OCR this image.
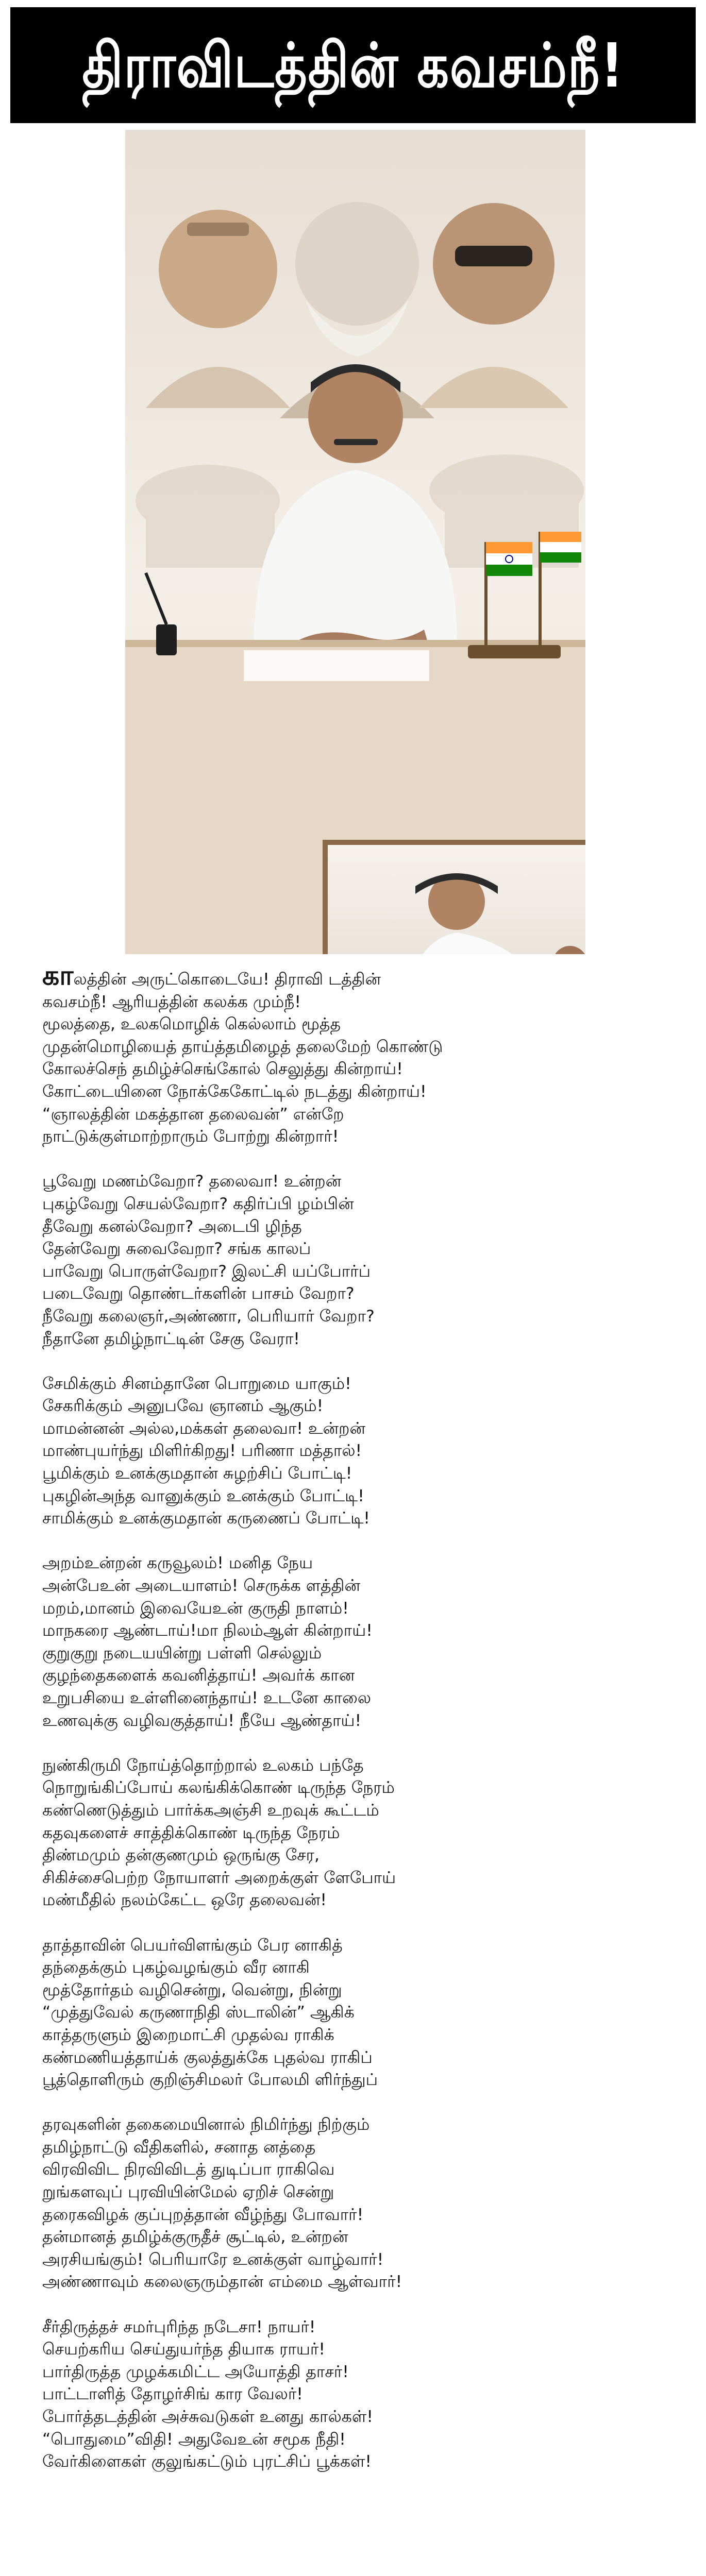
திராவிடத்தின் கவசம்நீ!
காலத்தின் அருட்கொடையே! திராவி டத்தின்
கவசம்நீ! ஆரியத்தின் கலக்க மும்நீ!
மூலத்தை, உலகமொழிக் கெல்லாம் மூத்த
முதன்மொழியைத் தாய்த்தமிழைத் தலைமேற் கொண்டு
கோலச்செந் தமிழ்ச்செங்கோல் செலுத்து கின்றாய்!
கோட்டையினை நோக்கேகோட்டில் நடத்து கின்றாய்!
“ஞாலத்தின் மகத்தான தலைவன்” என்றே
நாட்டுக்குள்மாற்றாரும் போற்று கின்றார்!
பூவேறு மணம்வேறா? தலைவா! உன்றன்
புகழ்வேறு செயல்வேறா? கதிர்ப்பி ழம்பின்
தீவேறு கனல்வேறா? அடைபி ழிந்த
தேன்வேறு சுவைவேறா? சங்க காலப்
பாவேறு பொருள்வேறா? இலட்சி யப்போர்ப்
படைவேறு தொண்டர்களின் பாசம் வேறா?
நீவேறு கலைஞர்,அண்ணா, பெரியார் வேறா?
நீதானே தமிழ்நாட்டின் சேகு வேரா!
சேமிக்கும் சினம்தானே பொறுமை யாகும்!
சேகரிக்கும் அனுபவே ஞானம் ஆகும்!
மாமன்னன் அல்ல,மக்கள் தலைவா! உன்றன்
மாண்புயர்ந்து மிளிர்கிறது! பரிணா மத்தால்!
பூமிக்கும் உனக்குமதான் சுழற்சிப் போட்டி!
புகழின்அந்த வானுக்கும் உனக்கும் போட்டி!
சாமிக்கும் உனக்குமதான் கருணைப் போட்டி!
அறம்உன்றன் கருவூலம்! மனித நேய
அன்பேஉன் அடையாளம்! செருக்க ளத்தின்
மறம்,மானம் இவையேஉன் குருதி நாளம்!
மாநகரை ஆண்டாய்!மா நிலம்ஆள் கின்றாய்!
குறுகுறு நடையயின்று பள்ளி செல்லும்
குழந்தைகளைக் கவனித்தாய்! அவர்க் கான
உறுபசியை உள்ளினைந்தாய்! உடனே காலை
உணவுக்கு வழிவகுத்தாய்! நீயே ஆண்தாய்!
நுண்கிருமி நோய்த்தொற்றால் உலகம் பந்தே
நொறுங்கிப்போய் கலங்கிக்கொண் டிருந்த நேரம்
கண்ணெடுத்தும் பார்க்கஅஞ்சி உறவுக் கூட்டம்
கதவுகளைச் சாத்திக்கொண் டிருந்த நேரம்
திண்மமும் தன்குணமும் ஒருங்கு சேர,
சிகிச்சைபெற்ற நோயாளர் அறைக்குள் ளேபோய்
மண்மீதில் நலம்கேட்ட ஒரே தலைவன்!
தாத்தாவின் பெயர்விளங்கும் பேர னாகித்
தந்தைக்கும் புகழ்வழங்கும் வீர னாகி
மூத்தோர்தம் வழிசென்று, வென்று, நின்று
“முத்துவேல் கருணாநிதி ஸ்டாலின்” ஆகிக்
காத்தருளும் இறைமாட்சி முதல்வ ராகிக்
கண்மணியத்தாய்க் குலத்துக்கே புதல்வ ராகிப்
பூத்தொளிரும் குறிஞ்சிமலர் போலமி ளிர்ந்துப்
தரவுகளின் தகைமையினால் நிமிர்ந்து நிற்கும்
தமிழ்நாட்டு வீதிகளில், சனாத னத்தை
விரவிவிட நிரவிவிடத் துடிப்பா ராகிவெ
றுங்களவுப் புரவியின்மேல் ஏறிச் சென்று
தரைகவிழக் குப்புறத்தான் வீழ்ந்து போவார்!
தன்மானத் தமிழ்க்குருதீச் சூட்டில், உன்றன்
அரசியங்கும்! பெரியாரே உனக்குள் வாழ்வார்!
அண்ணாவும் கலைஞரும்தான் எம்மை ஆள்வார்!
சீர்திருத்தச் சமர்புரிந்த நடேசா! நாயர்!
செயற்கரிய செய்துயர்ந்த தியாக ராயர்!
பார்திருத்த முழக்கமிட்ட அயோத்தி தாசர்!
பாட்டாளித் தோழர்சிங் கார வேலர்!
போர்த்தடத்தின் அச்சுவடுகள் உனது கால்கள்!
“பொதுமை”விதி! அதுவேஉன் சமூக நீதி!
வேர்கிளைகள் குலுங்கட்டும் புரட்சிப் பூக்கள்!
